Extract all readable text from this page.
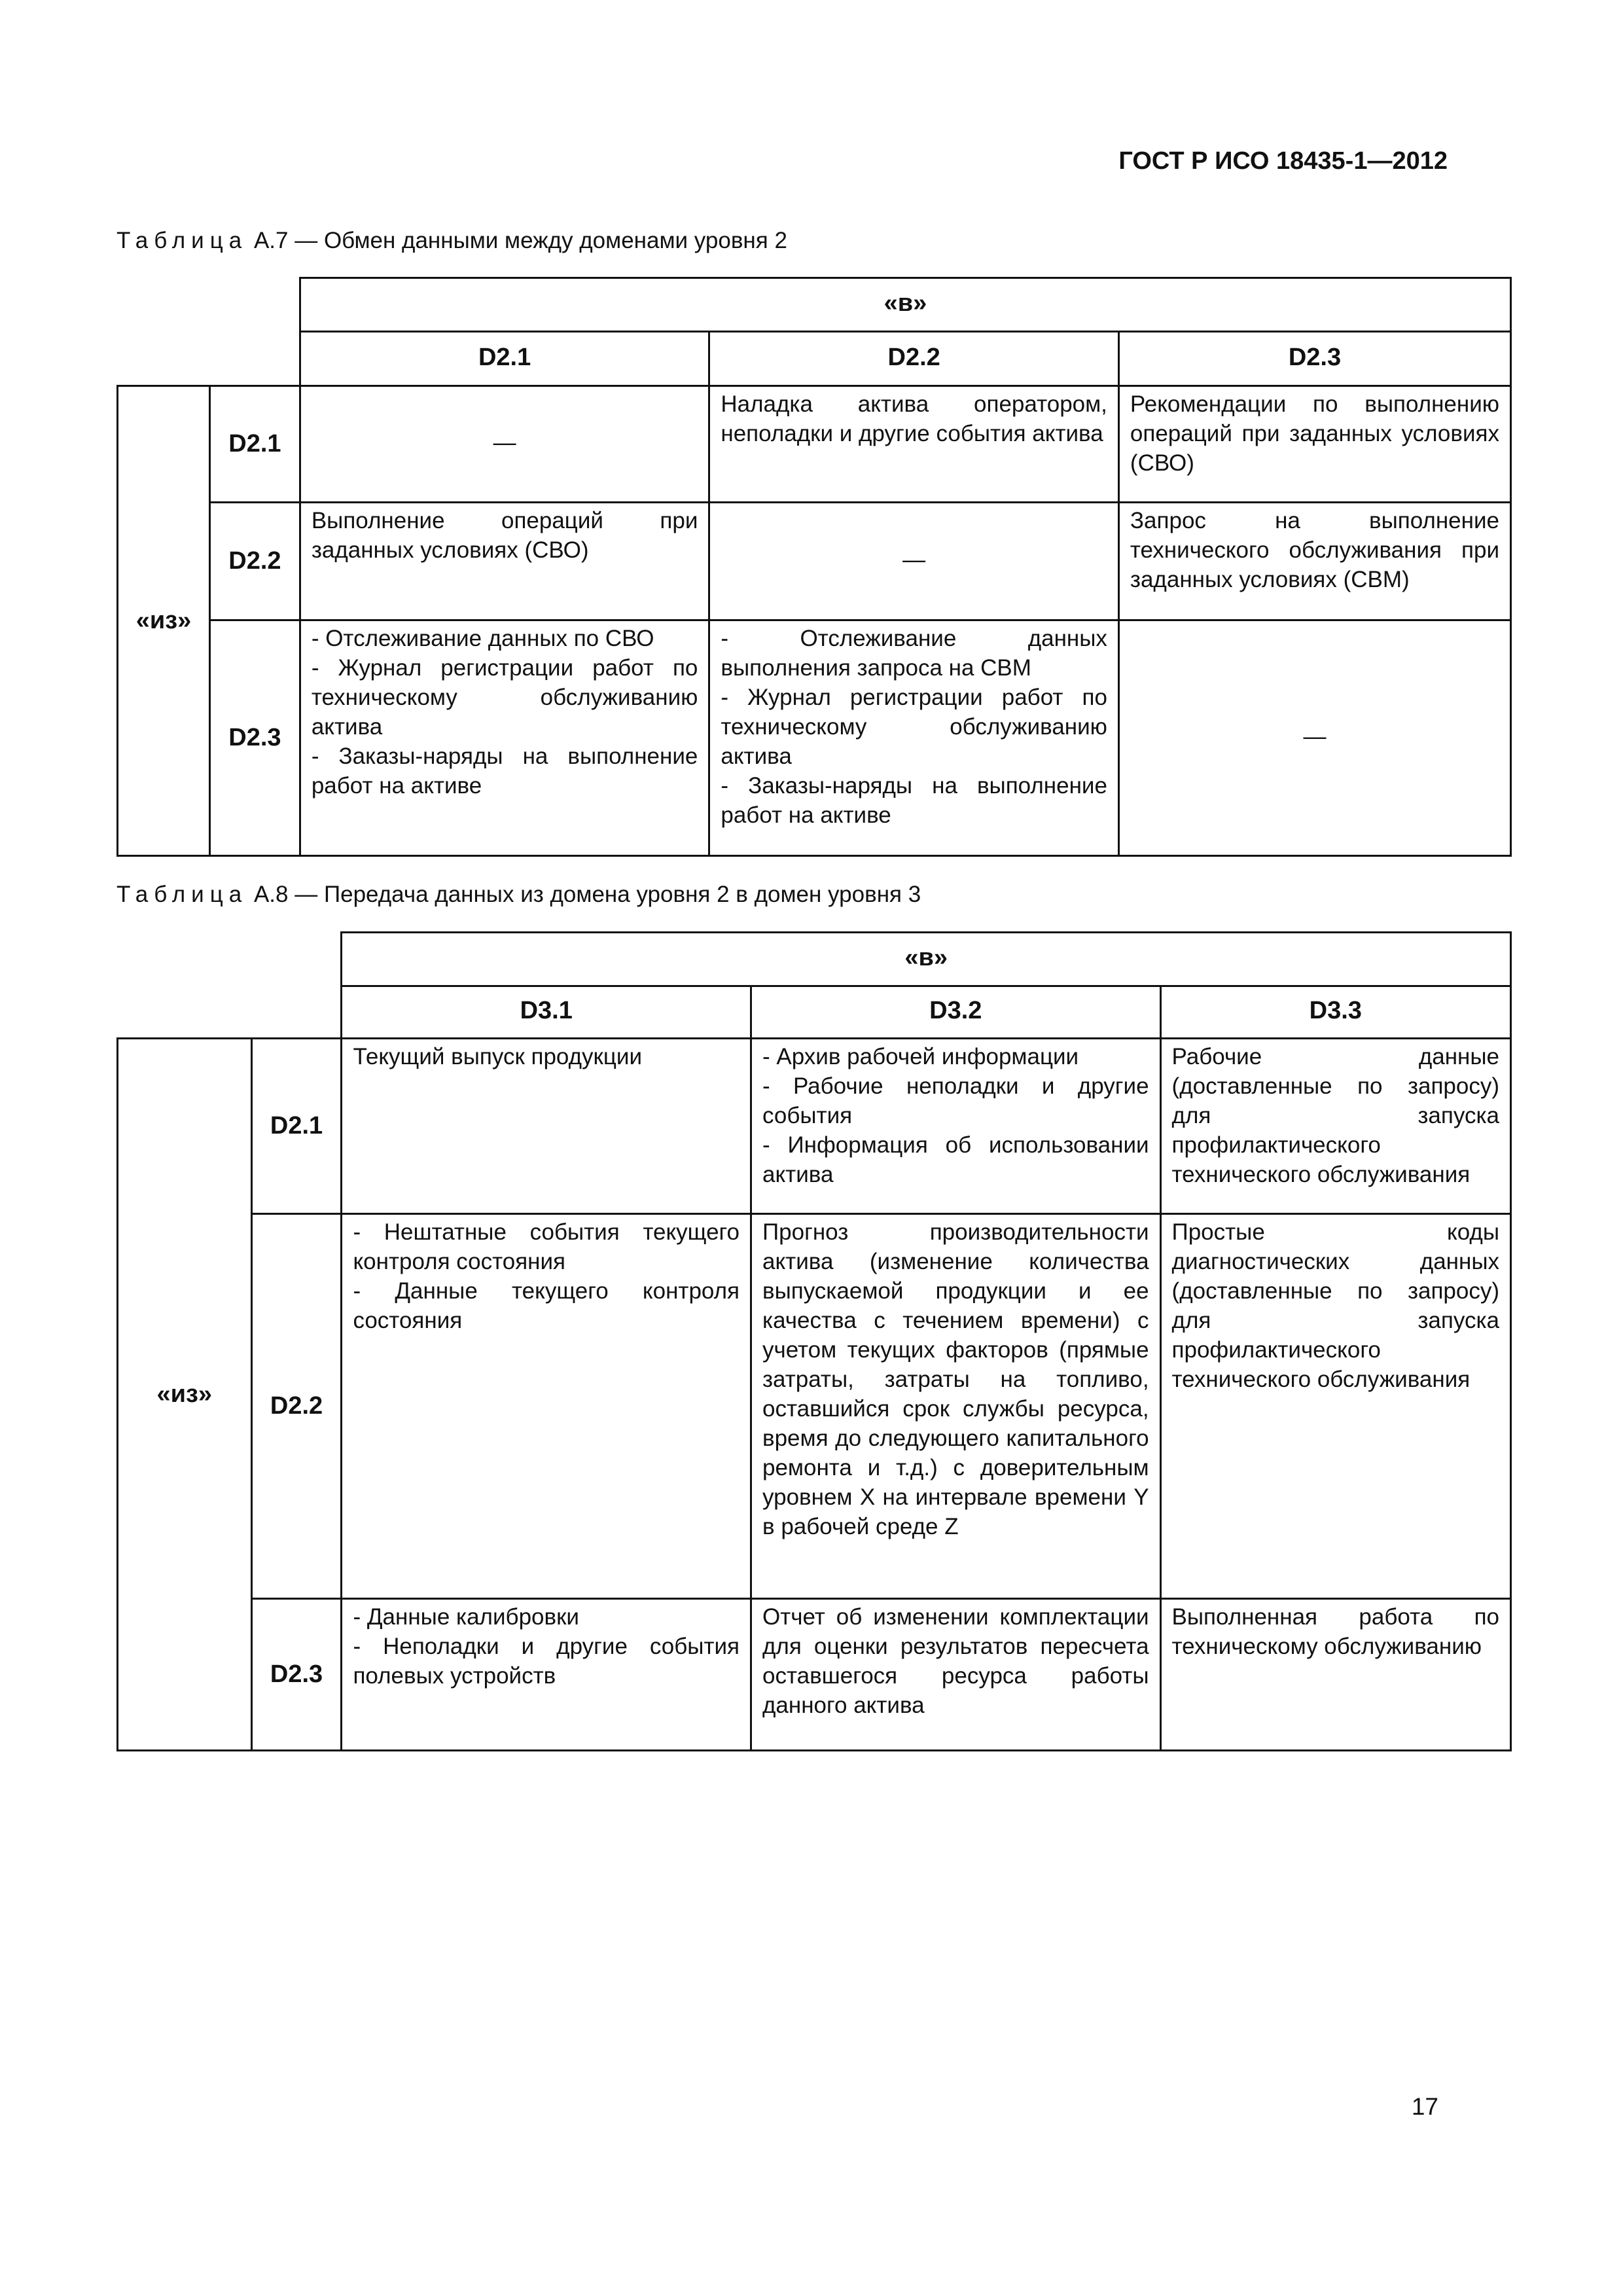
ГОСТ Р ИСО 18435-1—2012
Таблица А.7 — Обмен данными между доменами уровня 2
		«в»		
		D2.1	D2.2	D2.3
«из»	D2.1	—	Наладка актива оператором, неполадки и другие события актива	Рекомендации по выполнению операций при заданных условиях (СВО)

	D2.2	Выполнение операций при заданных условиях (СВО)	—	Запрос на выполнение технического обслуживания при заданных условиях (СВМ)

	D2.3	- Отслеживание данных по СВО
- Журнал регистрации работ по техническому обслуживанию актива
- Заказы-наряды на выполнение работ на активе	- Отслеживание данных выполнения запроса на СВМ
- Журнал регистрации работ по техническому обслуживанию актива
- Заказы-наряды на выполнение работ на активе	—
Таблица А.8 — Передача данных из домена уровня 2 в домен уровня 3
		«в»		
		D3.1	D3.2	D3.3
«из»	D2.1	Текущий выпуск продукции	- Архив рабочей информации
- Рабочие неполадки и другие события
- Информация об использовании актива	Рабочие данные (доставленные по запросу) для запуска профилактического технического обслуживания

	D2.2	- Нештатные события текущего контроля состояния
- Данные текущего контроля состояния	Прогноз производительности актива (изменение количества выпускаемой продукции и ее качества с течением времени) с учетом текущих факторов (прямые затраты, затраты на топливо, оставшийся срок службы ресурса, время до следующего капитального ремонта и т.д.) с доверительным уровнем X на интервале времени Y в рабочей среде Z	Простые коды диагностических данных (доставленные по запросу) для запуска профилактического технического обслуживания

	D2.3	- Данные калибровки
- Неполадки и другие события полевых устройств	Отчет об изменении комплектации для оценки результатов пересчета оставшегося ресурса работы данного актива	Выполненная работа по техническому обслуживанию
17
